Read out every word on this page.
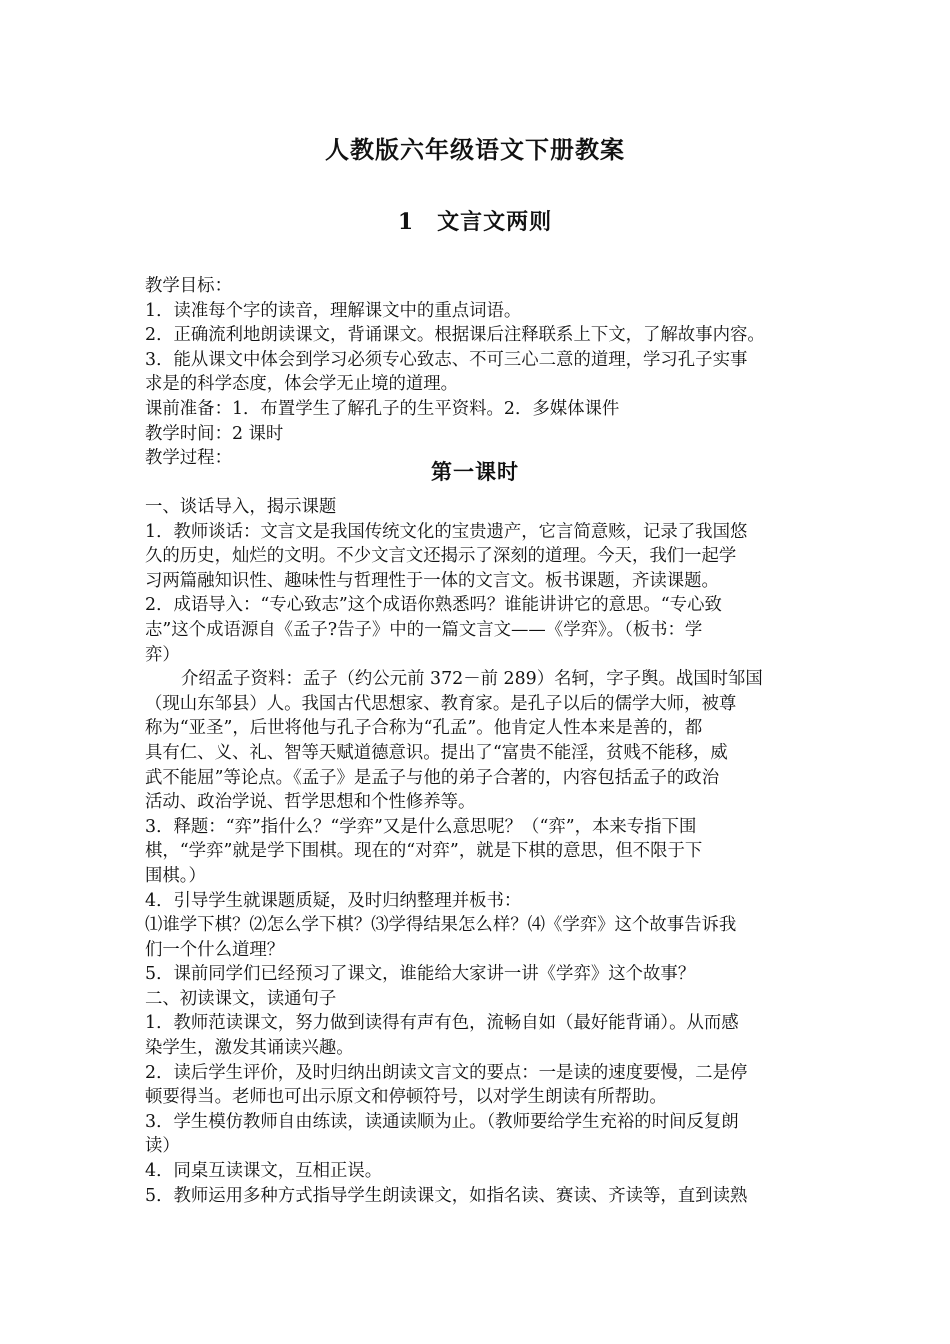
人教版六年级语文下册教案
1　文言文两则
教学目标：
1．读准每个字的读音，理解课文中的重点词语。
2．正确流利地朗读课文，背诵课文。根据课后注释联系上下文，了解故事内容。
3．能从课文中体会到学习必须专心致志、不可三心二意的道理，学习孔子实事
求是的科学态度，体会学无止境的道理。
课前准备：1．布置学生了解孔子的生平资料。2．多媒体课件
教学时间：2 课时
教学过程：
第一课时
一、谈话导入，揭示课题
1．教师谈话：文言文是我国传统文化的宝贵遗产，它言简意赅，记录了我国悠
久的历史，灿烂的文明。不少文言文还揭示了深刻的道理。今天，我们一起学
习两篇融知识性、趣味性与哲理性于一体的文言文。板书课题，齐读课题。
2．成语导入：“专心致志”这个成语你熟悉吗？谁能讲讲它的意思。“专心致
志”这个成语源自《孟子?告子》中的一篇文言文——《学弈》。（板书：学
弈）
介绍孟子资料：孟子（约公元前 372－前 289）名轲，字子舆。战国时邹国
（现山东邹县）人。我国古代思想家、教育家。是孔子以后的儒学大师，被尊
称为“亚圣”，后世将他与孔子合称为“孔孟”。他肯定人性本来是善的，都
具有仁、义、礼、智等天赋道德意识。提出了“富贵不能淫，贫贱不能移，威
武不能屈”等论点。《孟子》是孟子与他的弟子合著的，内容包括孟子的政治
活动、政治学说、哲学思想和个性修养等。
3．释题：“弈”指什么？“学弈”又是什么意思呢？（“弈”，本来专指下围
棋，“学弈”就是学下围棋。现在的“对弈”，就是下棋的意思，但不限于下
围棋。）
4．引导学生就课题质疑，及时归纳整理并板书：
⑴谁学下棋？⑵怎么学下棋？⑶学得结果怎么样？⑷《学弈》这个故事告诉我
们一个什么道理？
5．课前同学们已经预习了课文，谁能给大家讲一讲《学弈》这个故事？
二、初读课文，读通句子
1．教师范读课文，努力做到读得有声有色，流畅自如（最好能背诵）。从而感
染学生，激发其诵读兴趣。
2．读后学生评价，及时归纳出朗读文言文的要点：一是读的速度要慢，二是停
顿要得当。老师也可出示原文和停顿符号，以对学生朗读有所帮助。
3．学生模仿教师自由练读，读通读顺为止。（教师要给学生充裕的时间反复朗
读）
4．同桌互读课文，互相正误。
5．教师运用多种方式指导学生朗读课文，如指名读、赛读、齐读等，直到读熟
